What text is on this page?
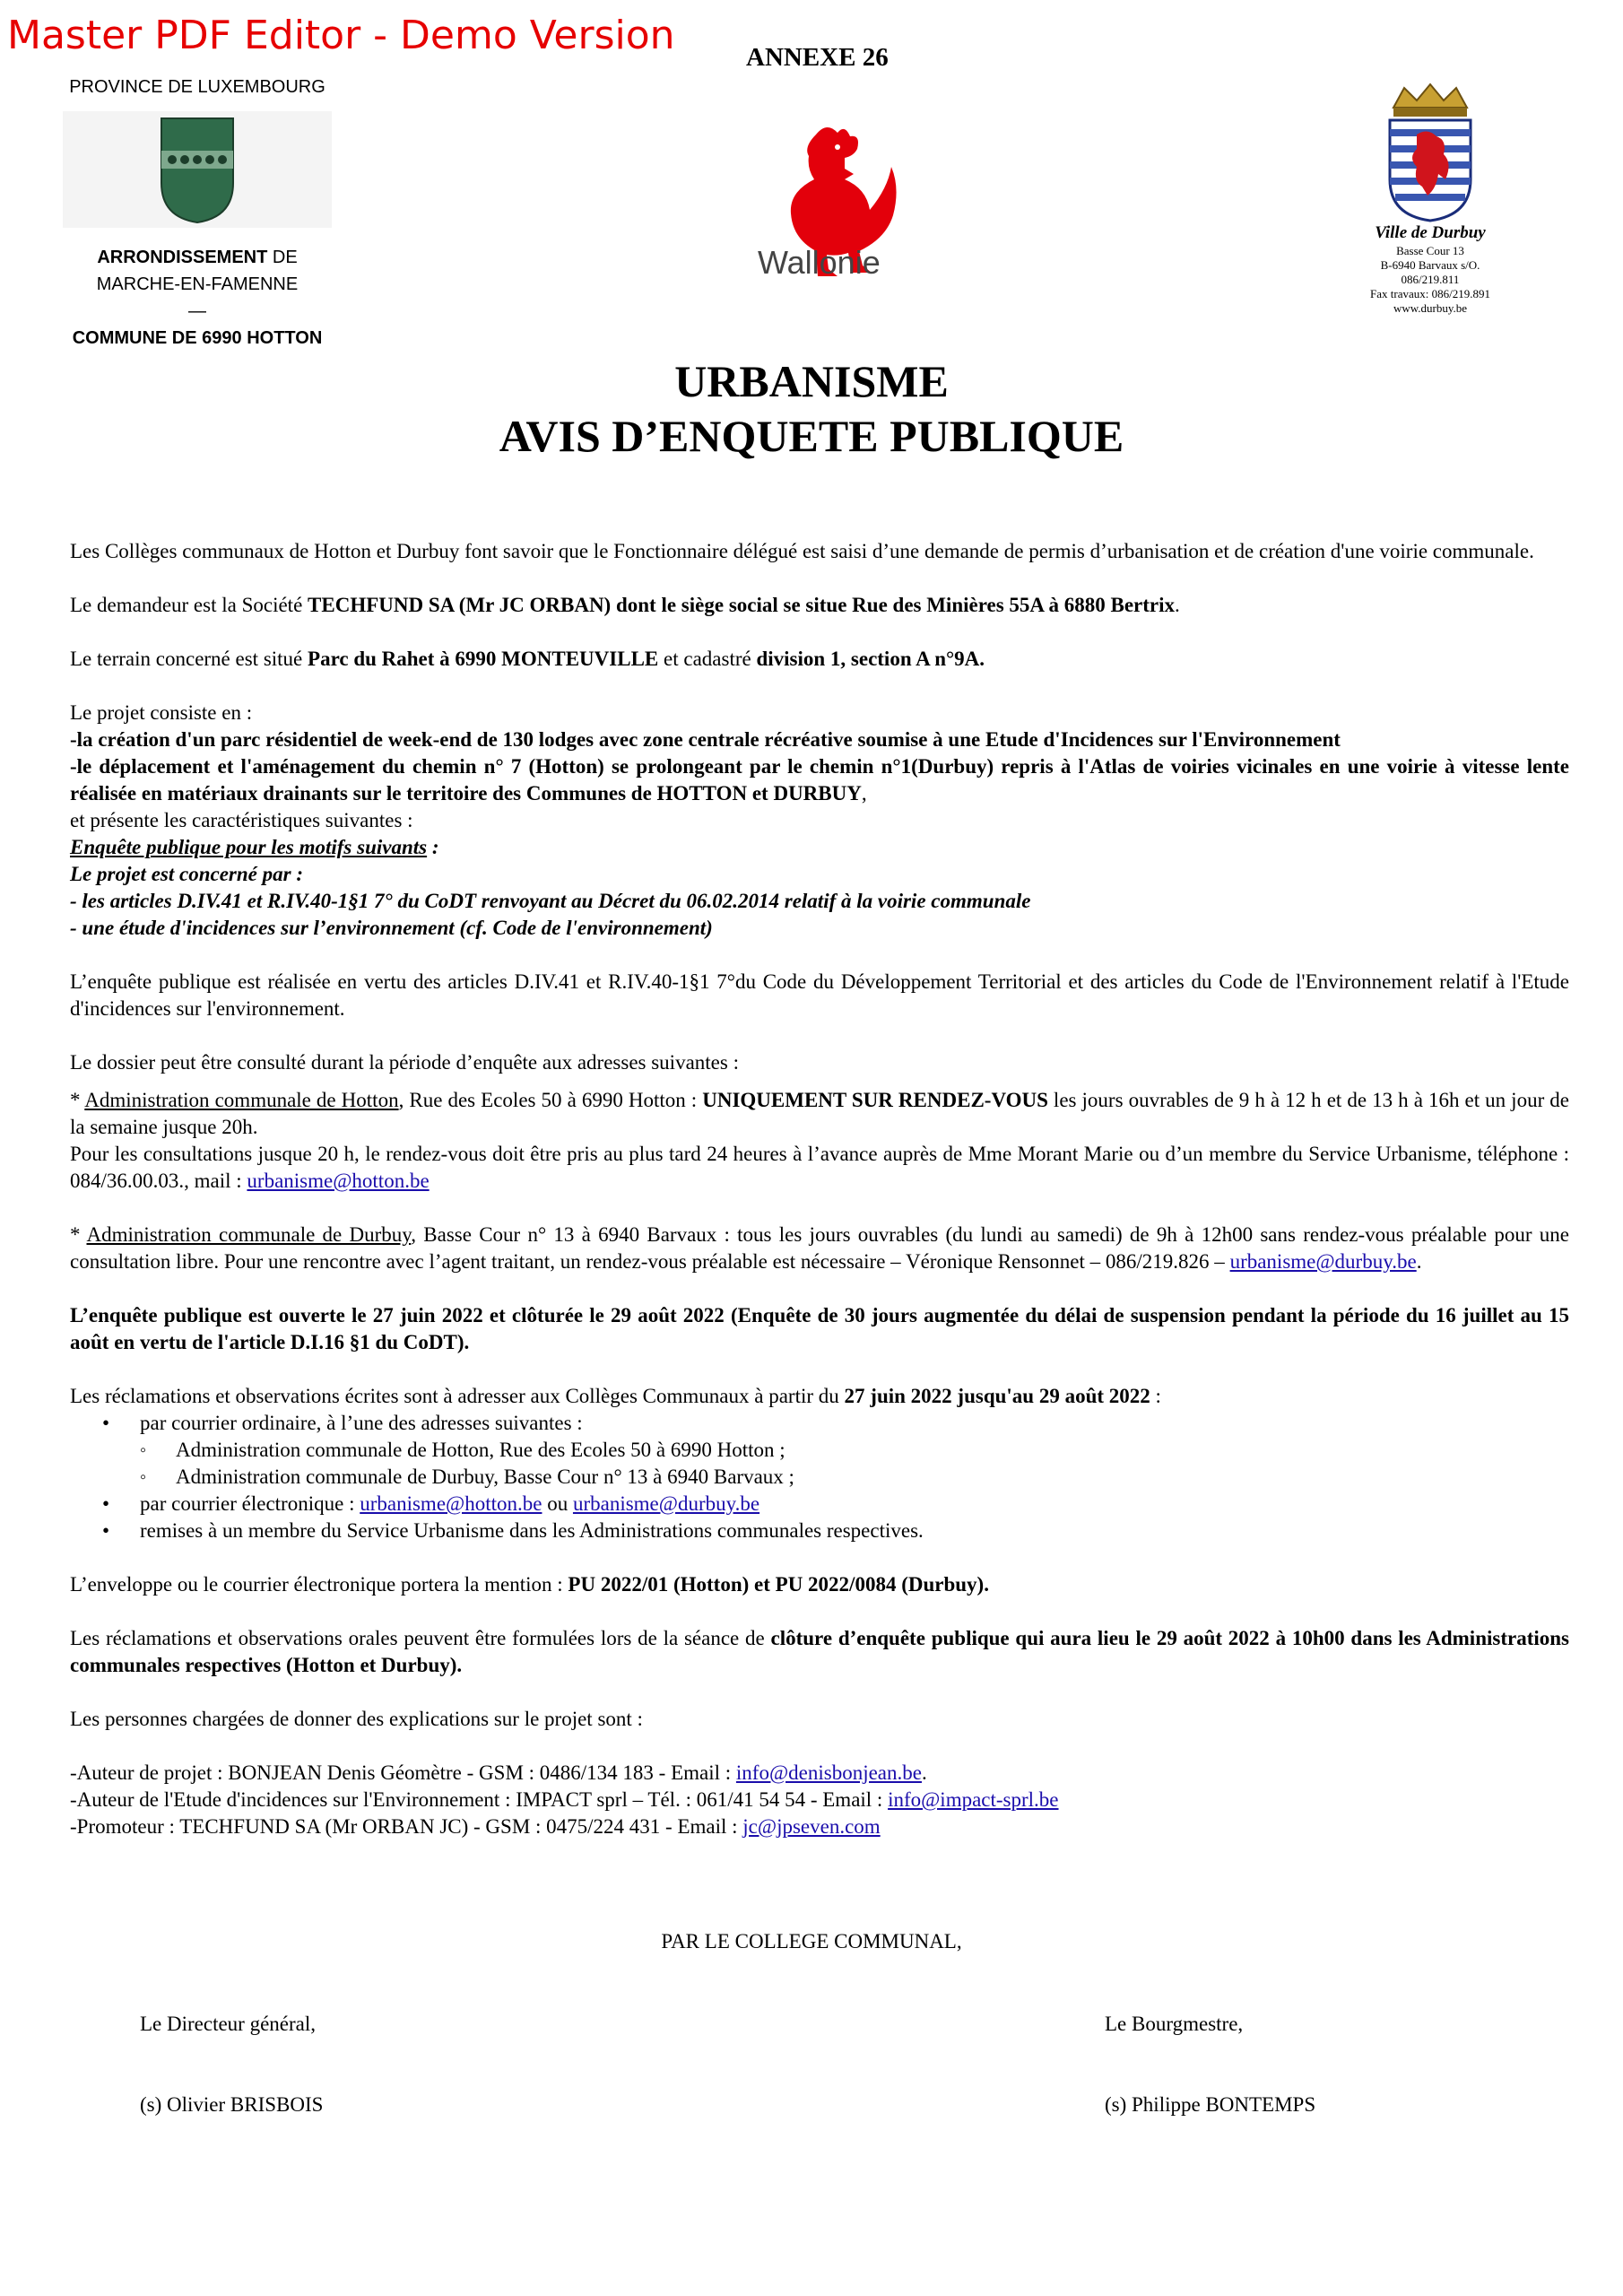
Master PDF Editor - Demo Version	ANNEXE 26
PROVINCE DE LUXEMBOURG
ARRONDISSEMENT DE
MARCHE-EN-FAMENNE
—
COMMUNE DE 6990 HOTTON
Wallonie
Ville de Durbuy
Basse Cour 13
B-6940 Barvaux s/O.
086/219.811
Fax travaux: 086/219.891
www.durbuy.be
URBANISME
AVIS D’ENQUETE PUBLIQUE

Les Collèges communaux de Hotton et Durbuy font savoir que le Fonctionnaire délégué est saisi d’une demande de permis d’urbanisation et de création d'une voirie communale.

Le demandeur est la Société TECHFUND SA (Mr JC ORBAN) dont le siège social se situe Rue des Minières 55A à 6880 Bertrix.

Le terrain concerné est situé Parc du Rahet à 6990 MONTEUVILLE et cadastré division 1, section A n°9A.

Le projet consiste en :
-la création d'un parc résidentiel de week-end de 130 lodges avec zone centrale récréative soumise à une Etude d'Incidences sur l'Environnement
-le déplacement et l'aménagement du chemin n° 7 (Hotton) se prolongeant par le chemin n°1(Durbuy) repris à l'Atlas de voiries vicinales en une voirie à vitesse lente réalisée en matériaux drainants sur le territoire des Communes de HOTTON et DURBUY,
et présente les caractéristiques suivantes :
Enquête publique pour les motifs suivants :
Le projet est concerné par :
- les articles D.IV.41 et R.IV.40-1§1 7° du CoDT renvoyant au Décret du 06.02.2014 relatif à la voirie communale
- une étude d'incidences sur l’environnement (cf. Code de l'environnement)

L’enquête publique est réalisée en vertu des articles D.IV.41 et R.IV.40-1§1 7°du Code du Développement Territorial et des articles du Code de l'Environnement relatif à l'Etude d'incidences sur l'environnement.

Le dossier peut être consulté durant la période d’enquête aux adresses suivantes :

* Administration communale de Hotton, Rue des Ecoles 50 à 6990 Hotton : UNIQUEMENT SUR RENDEZ-VOUS les jours ouvrables de 9 h à 12 h et de 13 h à 16h et un jour de la semaine jusque 20h.
Pour les consultations jusque 20 h, le rendez-vous doit être pris au plus tard 24 heures à l’avance auprès de Mme Morant Marie ou d’un membre du Service Urbanisme, téléphone : 084/36.00.03., mail : urbanisme@hotton.be

* Administration communale de Durbuy, Basse Cour n° 13 à 6940 Barvaux : tous les jours ouvrables (du lundi au samedi) de 9h à 12h00 sans rendez-vous préalable pour une consultation libre. Pour une rencontre avec l’agent traitant, un rendez-vous préalable est nécessaire – Véronique Rensonnet – 086/219.826 – urbanisme@durbuy.be.

L’enquête publique est ouverte le 27 juin 2022 et clôturée le 29 août 2022 (Enquête de 30 jours augmentée du délai de suspension pendant la période du 16 juillet au 15 août en vertu de l'article D.I.16 §1 du CoDT).

Les réclamations et observations écrites sont à adresser aux Collèges Communaux à partir du 27 juin 2022 jusqu'au 29 août 2022 :

• par courrier ordinaire, à l’une des adresses suivantes :
◦ Administration communale de Hotton, Rue des Ecoles 50 à 6990 Hotton ;
◦ Administration communale de Durbuy, Basse Cour n° 13 à 6940 Barvaux ;
• par courrier électronique : urbanisme@hotton.be ou urbanisme@durbuy.be
• remises à un membre du Service Urbanisme dans les Administrations communales respectives.

L’enveloppe ou le courrier électronique portera la mention : PU 2022/01 (Hotton) et PU 2022/0084 (Durbuy).

Les réclamations et observations orales peuvent être formulées lors de la séance de clôture d’enquête publique qui aura lieu le 29 août 2022 à 10h00 dans les Administrations communales respectives (Hotton et Durbuy).

Les personnes chargées de donner des explications sur le projet sont :

-Auteur de projet : BONJEAN Denis Géomètre - GSM : 0486/134 183 - Email : info@denisbonjean.be.
-Auteur de l'Etude d'incidences sur l'Environnement : IMPACT sprl – Tél. : 061/41 54 54 - Email : info@impact-sprl.be
-Promoteur : TECHFUND SA (Mr ORBAN JC) - GSM : 0475/224 431 - Email : jc@jpseven.com
PAR LE COLLEGE COMMUNAL,
Le Directeur général,
(s) Olivier BRISBOIS
Le Bourgmestre,
(s) Philippe BONTEMPS
